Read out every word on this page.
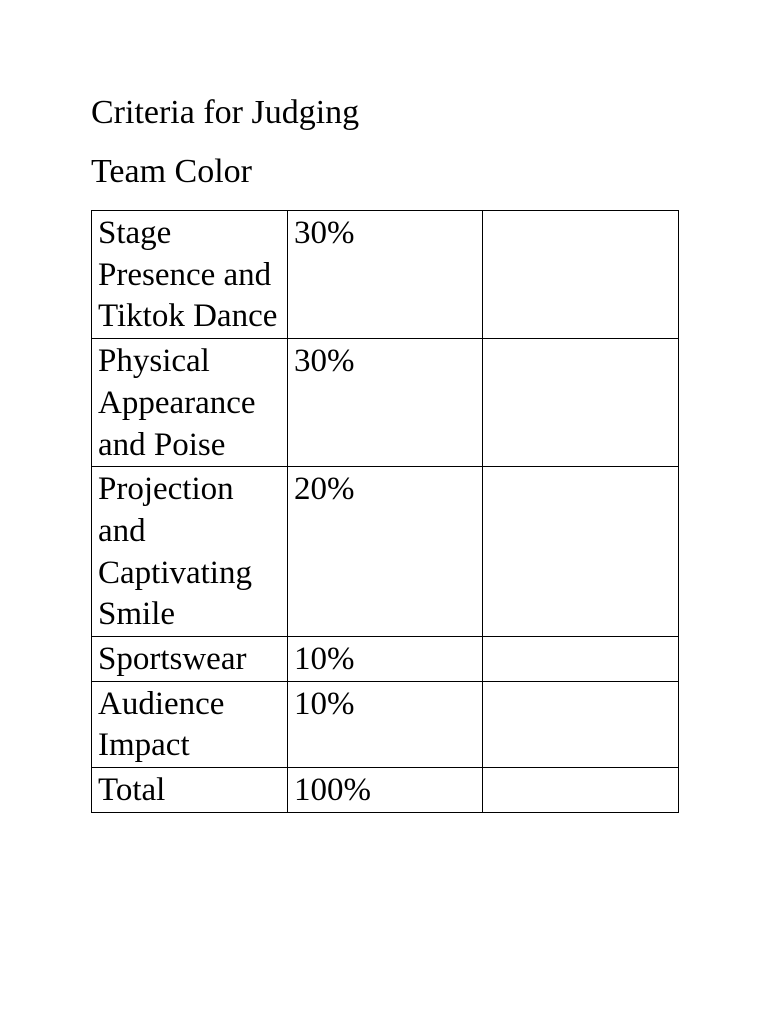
Criteria for Judging
Team Color
Stage Presence and Tiktok Dance	30%	
Physical Appearance and Poise	30%	
Projection and Captivating Smile	20%	
Sportswear	10%	
Audience Impact	10%	
Total	100%	
